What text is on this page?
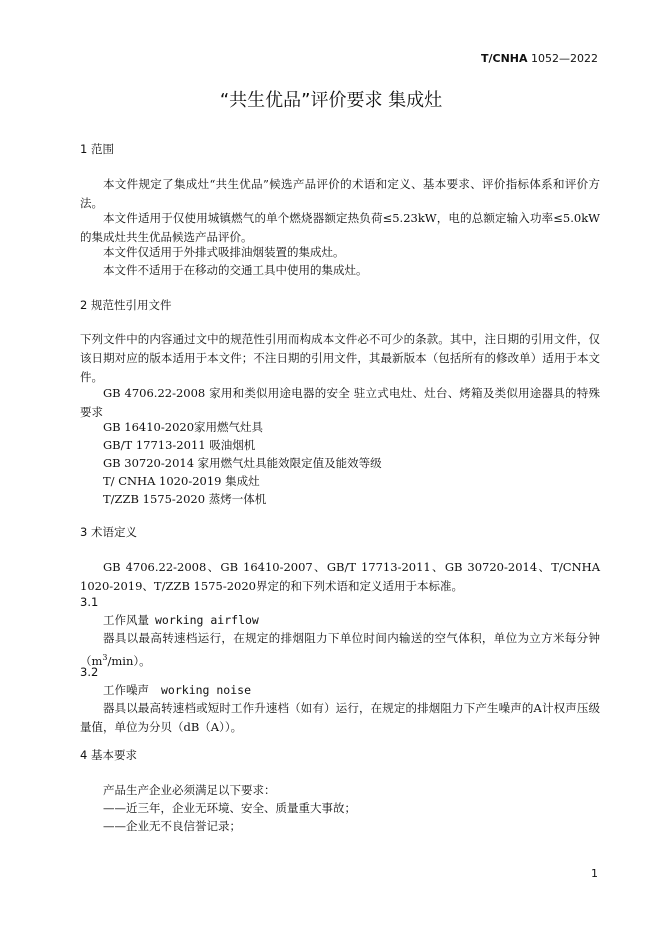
T/CNHA 1052—2022
“共生优品”评价要求 集成灶
1 范围
本文件规定了集成灶“共生优品”候选产品评价的术语和定义、基本要求、评价指标体系和评价方法。
本文件适用于仅使用城镇燃气的单个燃烧器额定热负荷≤5.23kW，电的总额定输入功率≤5.0kW 的集成灶共生优品候选产品评价。
本文件仅适用于外排式吸排油烟装置的集成灶。
本文件不适用于在移动的交通工具中使用的集成灶。
2 规范性引用文件
下列文件中的内容通过文中的规范性引用而构成本文件必不可少的条款。其中，注日期的引用文件，仅该日期对应的版本适用于本文件；不注日期的引用文件，其最新版本（包括所有的修改单）适用于本文件。
GB 4706.22-2008 家用和类似用途电器的安全 驻立式电灶、灶台、烤箱及类似用途器具的特殊要求
GB 16410-2020家用燃气灶具
GB/T 17713-2011 吸油烟机
GB 30720-2014 家用燃气灶具能效限定值及能效等级
T/ CNHA 1020-2019 集成灶
T/ZZB 1575-2020 蒸烤一体机
3 术语定义
GB 4706.22-2008、GB 16410-2007、GB/T 17713-2011、GB 30720-2014、T/CNHA 1020-2019、T/ZZB 1575-2020界定的和下列术语和定义适用于本标准。
3.1
工作风量 working airflow
器具以最高转速档运行，在规定的排烟阻力下单位时间内输送的空气体积，单位为立方米每分钟$(m^3/\min)$。
3.2
工作噪声 working noise
器具以最高转速档或短时工作升速档（如有）运行，在规定的排烟阻力下产生噪声的A计权声压级量值，单位为分贝（dB（A））。
4 基本要求
产品生产企业必须满足以下要求：
——近三年，企业无环境、安全、质量重大事故；
——企业无不良信誉记录；
1
